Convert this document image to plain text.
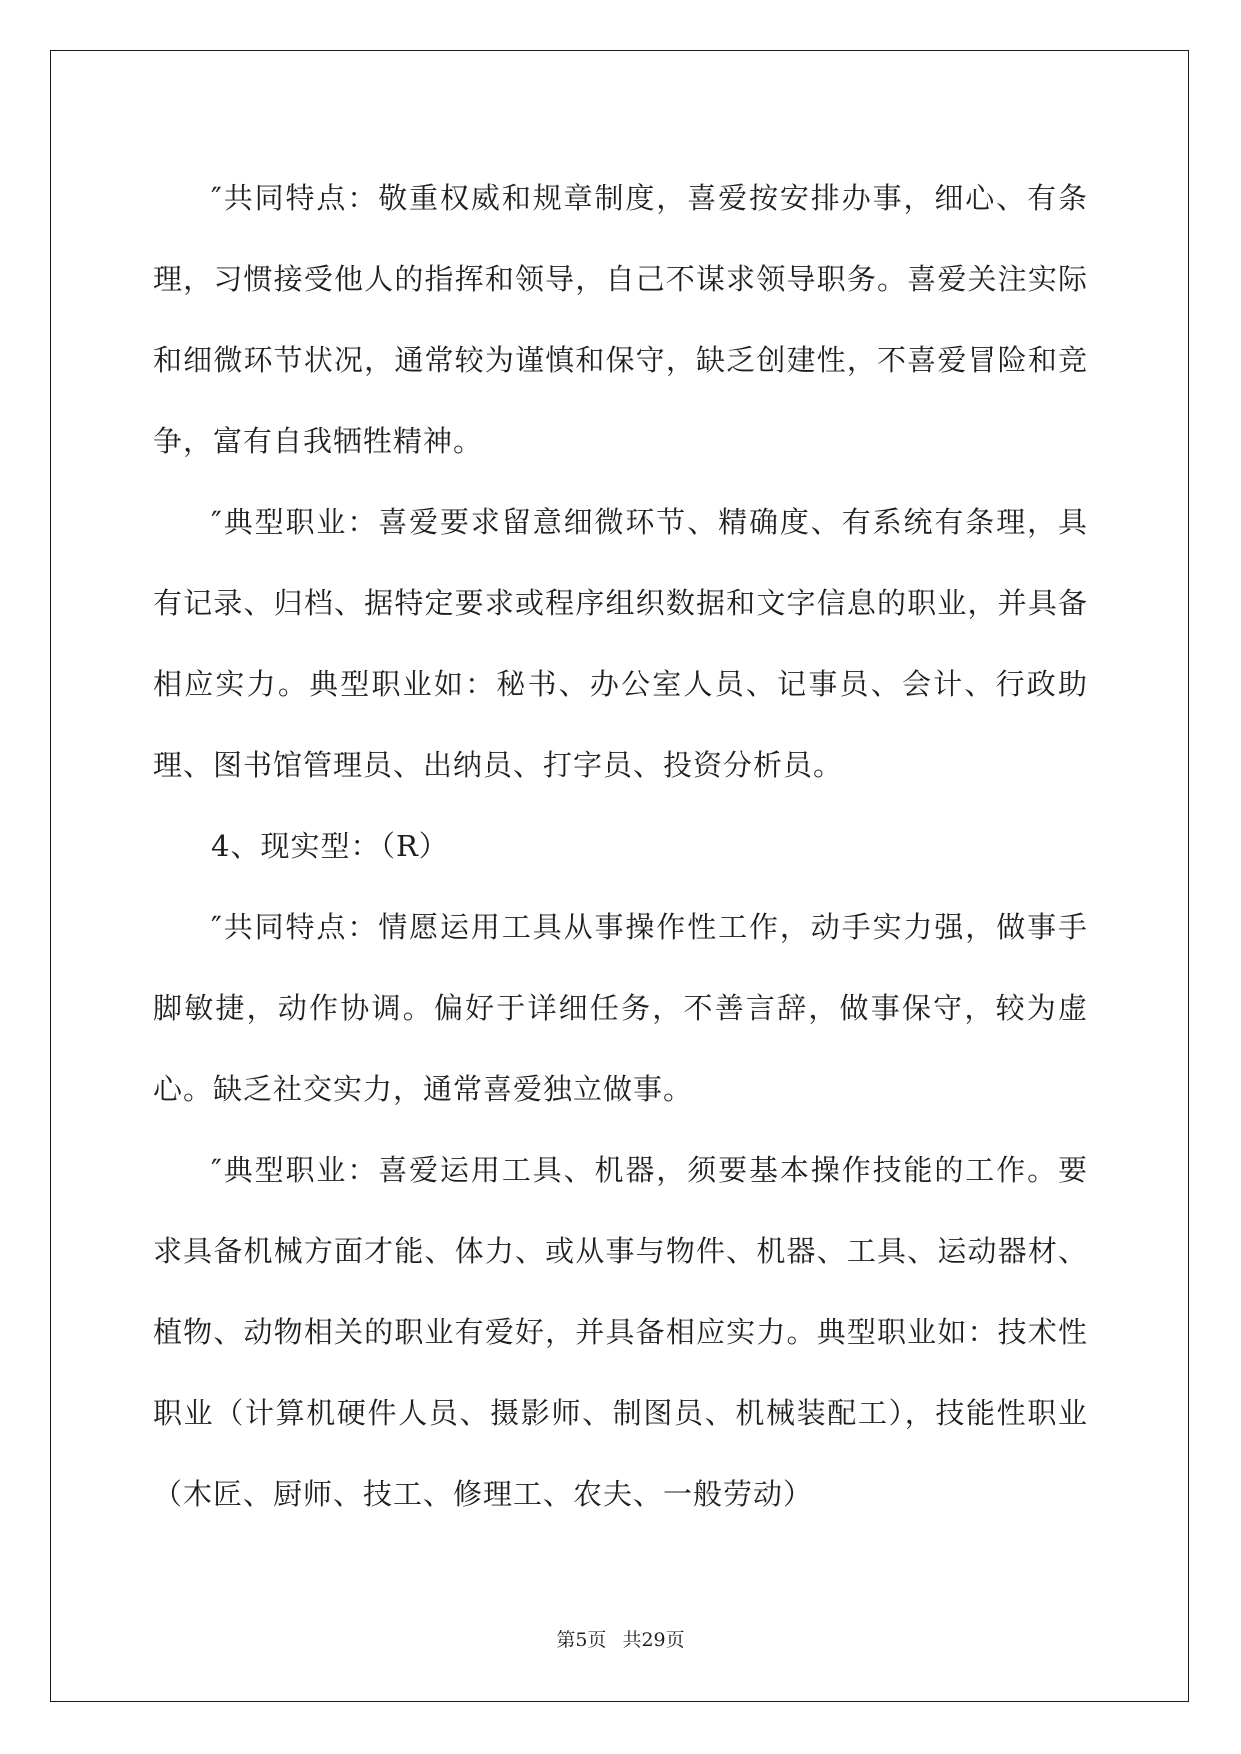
″共同特点：敬重权威和规章制度，喜爱按安排办事，细心、有条理，习惯接受他人的指挥和领导，自己不谋求领导职务。喜爱关注实际和细微环节状况，通常较为谨慎和保守，缺乏创建性，不喜爱冒险和竞争，富有自我牺牲精神。

″典型职业：喜爱要求留意细微环节、精确度、有系统有条理，具有记录、归档、据特定要求或程序组织数据和文字信息的职业，并具备相应实力。典型职业如：秘书、办公室人员、记事员、会计、行政助理、图书馆管理员、出纳员、打字员、投资分析员。

4、现实型：（R）

″共同特点：情愿运用工具从事操作性工作，动手实力强，做事手脚敏捷，动作协调。偏好于详细任务，不善言辞，做事保守，较为虚心。缺乏社交实力，通常喜爱独立做事。

″典型职业：喜爱运用工具、机器，须要基本操作技能的工作。要求具备机械方面才能、体力、或从事与物件、机器、工具、运动器材、植物、动物相关的职业有爱好，并具备相应实力。典型职业如：技术性职业（计算机硬件人员、摄影师、制图员、机械装配工），技能性职业（木匠、厨师、技工、修理工、农夫、一般劳动）

第5页 共29页
